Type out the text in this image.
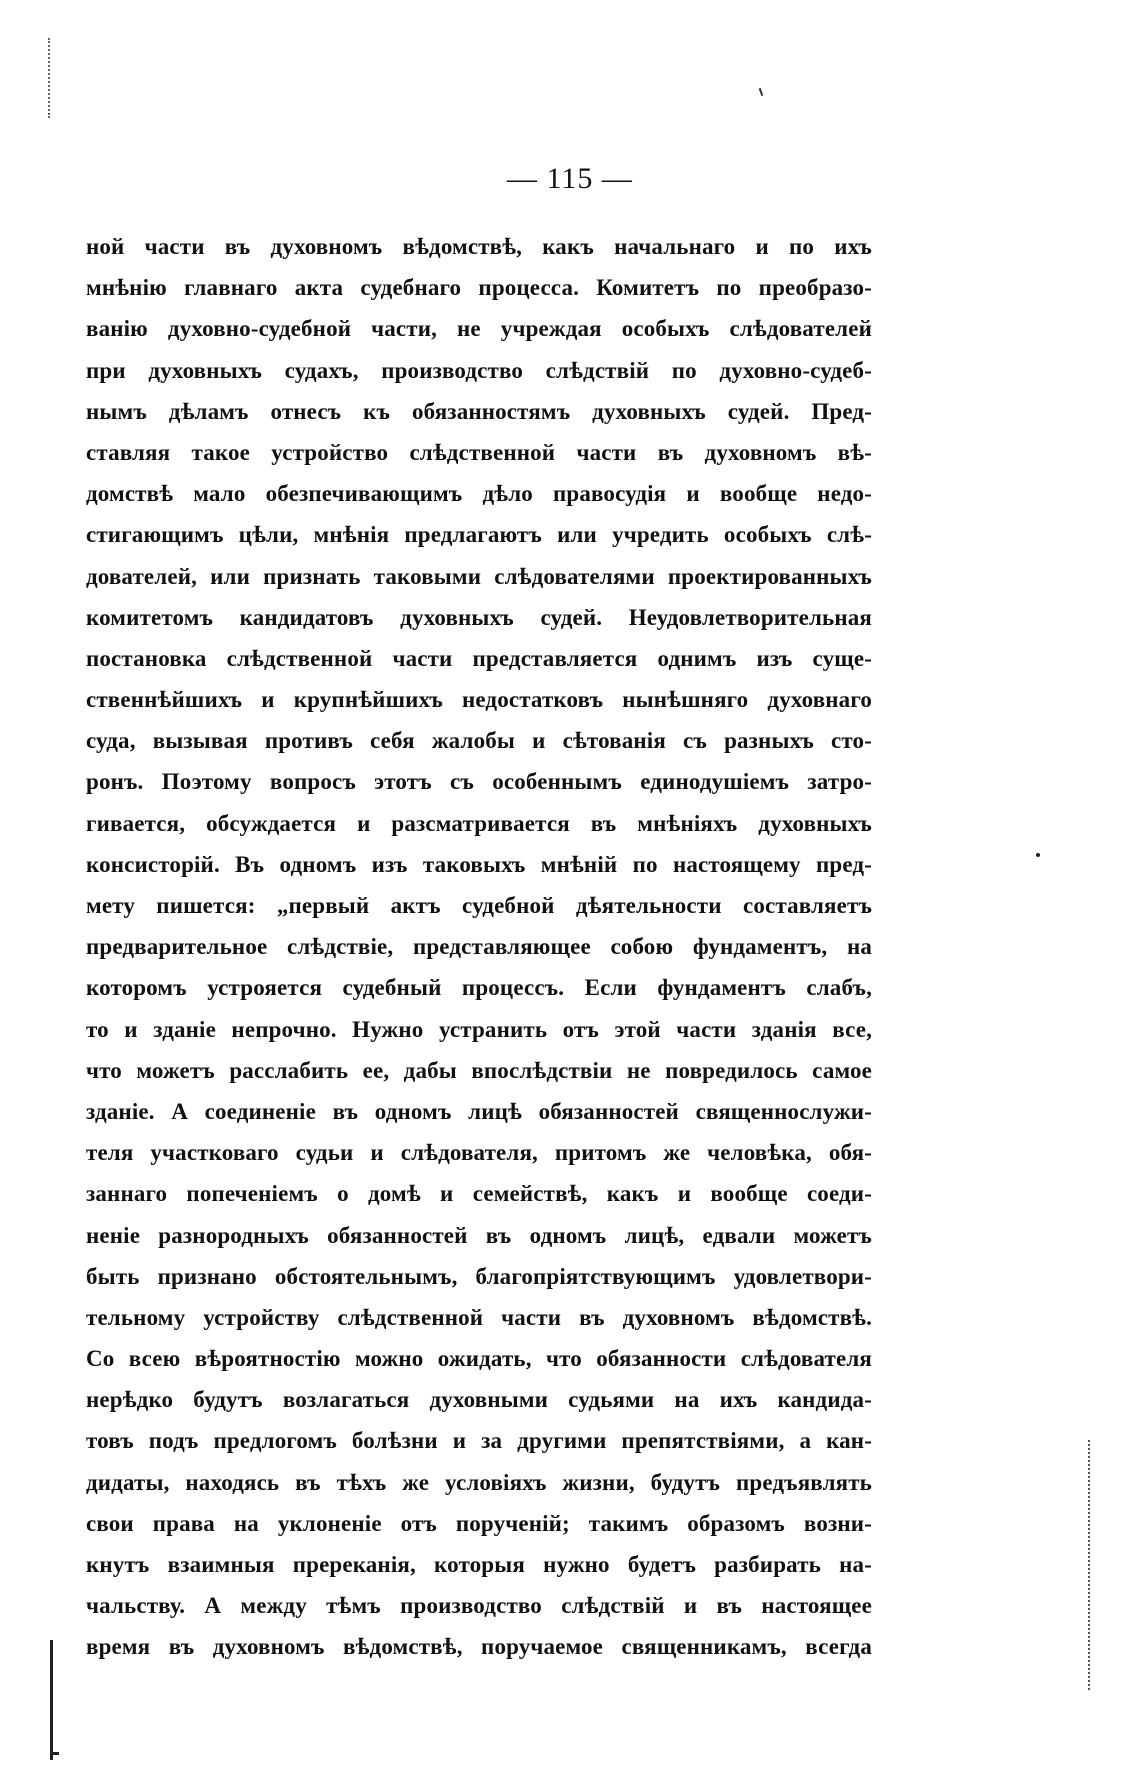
— 115 —
ной части въ духовномъ вѣдомствѣ, какъ начальнаго и по ихъ
мнѣнію главнаго акта судебнаго процесса. Комитетъ по преобразо-
ванію духовно-судебной части, не учреждая особыхъ слѣдователей
при духовныхъ судахъ, производство слѣдствій по духовно-судеб-
нымъ дѣламъ отнесъ къ обязанностямъ духовныхъ судей. Пред-
ставляя такое устройство слѣдственной части въ духовномъ вѣ-
домствѣ мало обезпечивающимъ дѣло правосудія и вообще недо-
стигающимъ цѣли, мнѣнія предлагаютъ или учредить особыхъ слѣ-
дователей, или признать таковыми слѣдователями проектированныхъ
комитетомъ кандидатовъ духовныхъ судей. Неудовлетворительная
постановка слѣдственной части представляется однимъ изъ суще-
ственнѣйшихъ и крупнѣйшихъ недостатковъ нынѣшняго духовнаго
суда, вызывая противъ себя жалобы и сѣтованія съ разныхъ сто-
ронъ. Поэтому вопросъ этотъ съ особеннымъ единодушіемъ затро-
гивается, обсуждается и разсматривается въ мнѣніяхъ духовныхъ
консисторій. Въ одномъ изъ таковыхъ мнѣній по настоящему пред-
мету пишется: „первый актъ судебной дѣятельности составляетъ
предварительное слѣдствіе, представляющее собою фундаментъ, на
которомъ устрояется судебный процессъ. Если фундаментъ слабъ,
то и зданіе непрочно. Нужно устранить отъ этой части зданія все,
что можетъ расслабить ее, дабы впослѣдствіи не повредилось самое
зданіе. А соединеніе въ одномъ лицѣ обязанностей священнослужи-
теля участковаго судьи и слѣдователя, притомъ же человѣка, обя-
заннаго попеченіемъ о домѣ и семействѣ, какъ и вообще соеди-
неніе разнородныхъ обязанностей въ одномъ лицѣ, едвали можетъ
быть признано обстоятельнымъ, благопріятствующимъ удовлетвори-
тельному устройству слѣдственной части въ духовномъ вѣдомствѣ.
Со всею вѣроятностію можно ожидать, что обязанности слѣдователя
нерѣдко будутъ возлагаться духовными судьями на ихъ кандида-
товъ подъ предлогомъ болѣзни и за другими препятствіями, а кан-
дидаты, находясь въ тѣхъ же условіяхъ жизни, будутъ предъявлять
свои права на уклоненіе отъ порученій; такимъ образомъ возни-
кнутъ взаимныя пререканія, которыя нужно будетъ разбирать на-
чальству. А между тѣмъ производство слѣдствій и въ настоящее
время въ духовномъ вѣдомствѣ, поручаемое священникамъ, всегда
